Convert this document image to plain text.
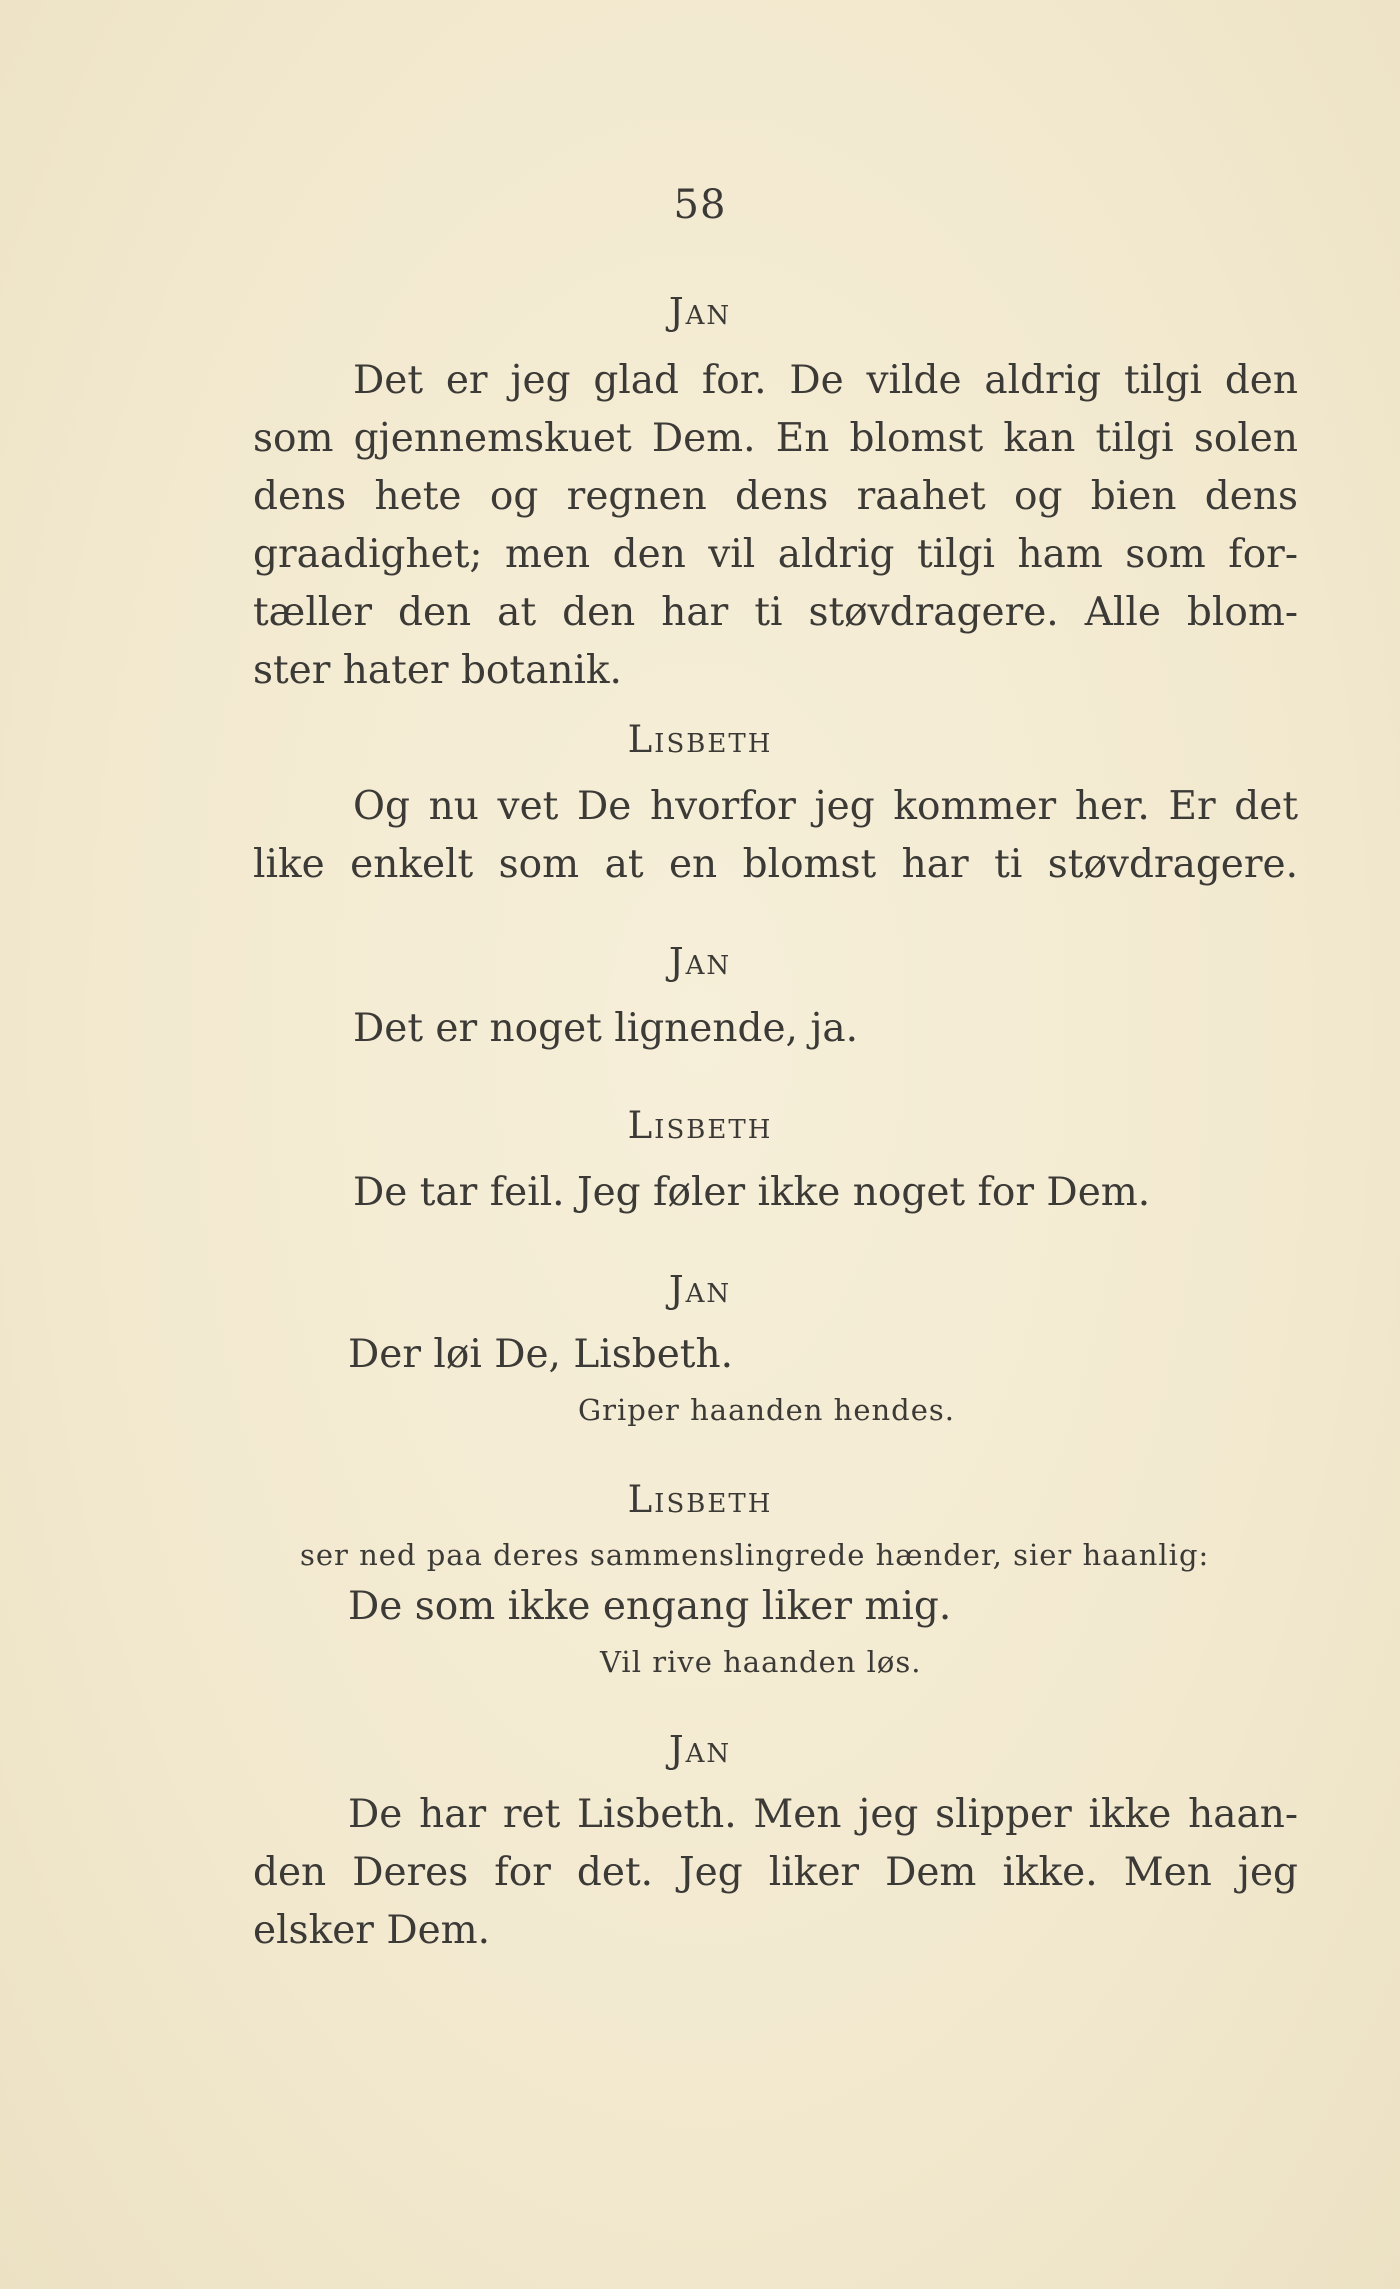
58
Jan
Det er jeg glad for. De vilde aldrig tilgi den
som gjennemskuet Dem. En blomst kan tilgi solen
dens hete og regnen dens raahet og bien dens
graadighet; men den vil aldrig tilgi ham som for-
tæller den at den har ti støvdragere. Alle blom-
ster hater botanik.
Lisbeth
Og nu vet De hvorfor jeg kommer her. Er det
like enkelt som at en blomst har ti støvdragere.
Jan
Det er noget lignende, ja.
Lisbeth
De tar feil. Jeg føler ikke noget for Dem.
Jan
Der løi De, Lisbeth.
Griper haanden hendes.
Lisbeth
ser ned paa deres sammenslingrede hænder, sier haanlig:
De som ikke engang liker mig.
Vil rive haanden løs.
Jan
De har ret Lisbeth. Men jeg slipper ikke haan-
den Deres for det. Jeg liker Dem ikke. Men jeg
elsker Dem.
